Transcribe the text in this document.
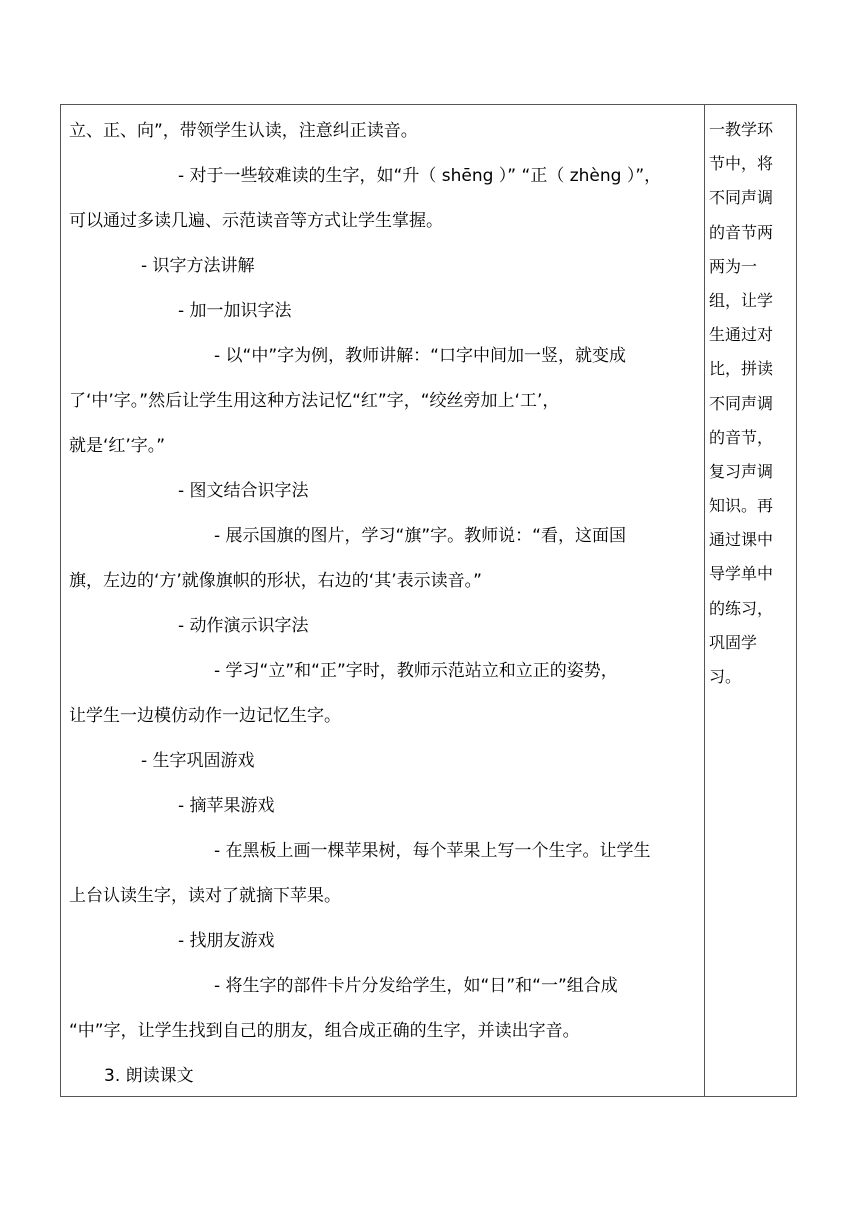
立、正、向”，带领学生认读，注意纠正读音。
- 对于一些较难读的生字，如“升（ shēng ）” “正（ zhèng ）”，
可以通过多读几遍、示范读音等方式让学生掌握。
- 识字方法讲解
- 加一加识字法
- 以“中”字为例，教师讲解：“口字中间加一竖，就变成
了‘中’字。”然后让学生用这种方法记忆“红”字，“绞丝旁加上‘工’，
就是‘红’字。”
- 图文结合识字法
- 展示国旗的图片，学习“旗”字。教师说：“看，这面国
旗，左边的‘方’就像旗帜的形状，右边的‘其’表示读音。”
- 动作演示识字法
- 学习“立”和“正”字时，教师示范站立和立正的姿势，
让学生一边模仿动作一边记忆生字。
- 生字巩固游戏
- 摘苹果游戏
- 在黑板上画一棵苹果树，每个苹果上写一个生字。让学生
上台认读生字，读对了就摘下苹果。
- 找朋友游戏
- 将生字的部件卡片分发给学生，如“日”和“一”组合成
“中”字，让学生找到自己的朋友，组合成正确的生字，并读出字音。
3. 朗读课文
一教学环
节中，将
不同声调
的音节两
两为一
组，让学
生通过对
比，拼读
不同声调
的音节，
复习声调
知识。再
通过课中
导学单中
的练习，
巩固学
习。
